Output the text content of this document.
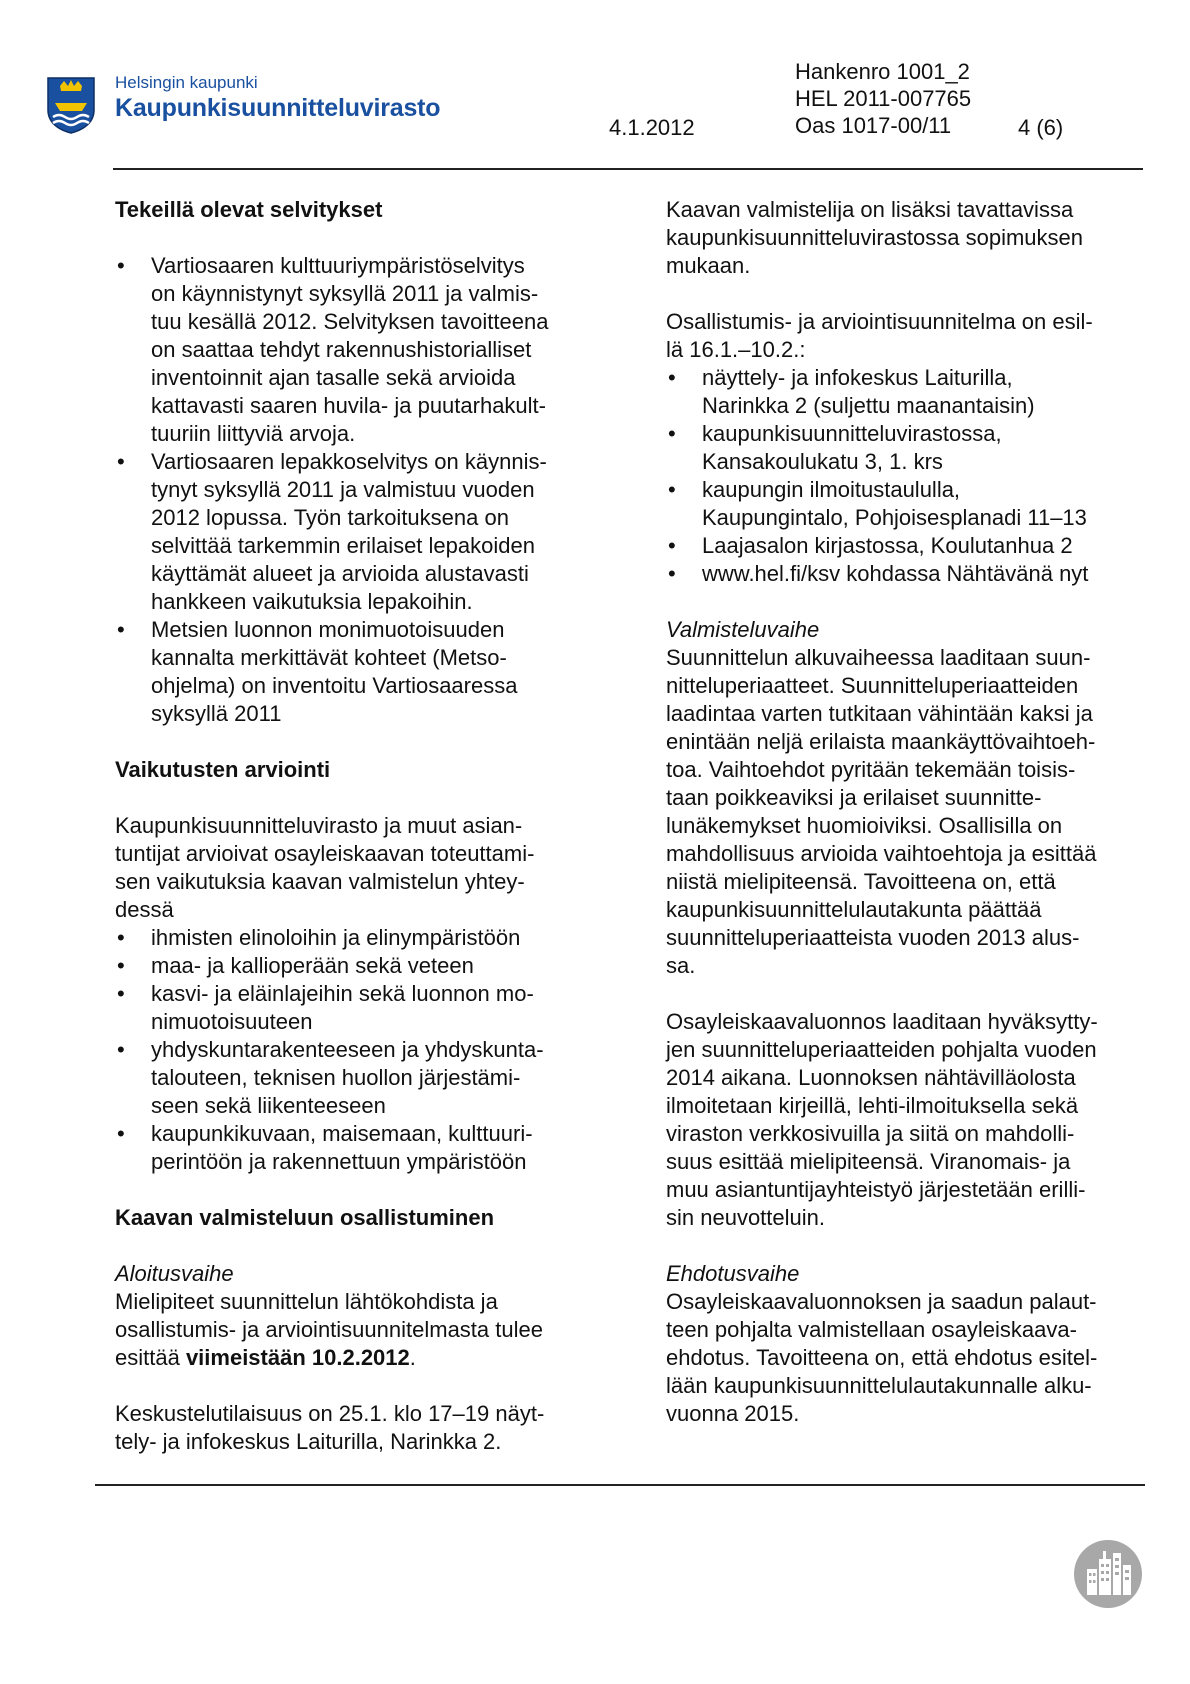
Helsingin kaupunki
Kaupunkisuunnitteluvirasto
4.1.2012
Hankenro 1001_2
HEL 2011-007765
Oas 1017-00/11	4 (6)
Tekeillä olevat selvitykset
• Vartiosaaren kulttuuriympäristöselvitys
on käynnistynyt syksyllä 2011 ja valmis-
tuu kesällä 2012. Selvityksen tavoitteena
on saattaa tehdyt rakennushistorialliset
inventoinnit ajan tasalle sekä arvioida
kattavasti saaren huvila- ja puutarhakult-
tuuriin liittyviä arvoja.
• Vartiosaaren lepakkoselvitys on käynnis-
tynyt syksyllä 2011 ja valmistuu vuoden
2012 lopussa. Työn tarkoituksena on
selvittää tarkemmin erilaiset lepakoiden
käyttämät alueet ja arvioida alustavasti
hankkeen vaikutuksia lepakoihin.
• Metsien luonnon monimuotoisuuden
kannalta merkittävät kohteet (Metso-
ohjelma) on inventoitu Vartiosaaressa
syksyllä 2011
Vaikutusten arviointi

Kaupunkisuunnitteluvirasto ja muut asian-
tuntijat arvioivat osayleiskaavan toteuttami-
sen vaikutuksia kaavan valmistelun yhtey-
dessä

• ihmisten elinoloihin ja elinympäristöön
• maa- ja kallioperään sekä veteen
• kasvi- ja eläinlajeihin sekä luonnon mo-
nimuotoisuuteen
• yhdyskuntarakenteeseen ja yhdyskunta-
talouteen, teknisen huollon järjestämi-
seen sekä liikenteeseen
• kaupunkikuvaan, maisemaan, kulttuuri-
perintöön ja rakennettuun ympäristöön
Kaavan valmisteluun osallistuminen

Aloitusvaihe

Mielipiteet suunnittelun lähtökohdista ja
osallistumis- ja arviointisuunnitelmasta tulee
esittää viimeistään 10.2.2012.

Keskustelutilaisuus on 25.1. klo 17–19 näyt-
tely- ja infokeskus Laiturilla, Narinkka 2.

Kaavan valmistelija on lisäksi tavattavissa
kaupunkisuunnitteluvirastossa sopimuksen
mukaan.

Osallistumis- ja arviointisuunnitelma on esil-
lä 16.1.–10.2.:

• näyttely- ja infokeskus Laiturilla,
Narinkka 2 (suljettu maanantaisin)
• kaupunkisuunnitteluvirastossa,
Kansakoulukatu 3, 1. krs
• kaupungin ilmoitustaululla,
Kaupungintalo, Pohjoisesplanadi 11–13
• Laajasalon kirjastossa, Koulutanhua 2
• www.hel.fi/ksv kohdassa Nähtävänä nyt

Valmisteluvaihe

Suunnittelun alkuvaiheessa laaditaan suun-
nitteluperiaatteet. Suunnitteluperiaatteiden
laadintaa varten tutkitaan vähintään kaksi ja
enintään neljä erilaista maankäyttövaihtoeh-
toa. Vaihtoehdot pyritään tekemään toisis-
taan poikkeaviksi ja erilaiset suunnitte-
lunäkemykset huomioiviksi. Osallisilla on
mahdollisuus arvioida vaihtoehtoja ja esittää
niistä mielipiteensä. Tavoitteena on, että
kaupunkisuunnittelulautakunta päättää
suunnitteluperiaatteista vuoden 2013 alus-
sa.

Osayleiskaavaluonnos laaditaan hyväksytty-
jen suunnitteluperiaatteiden pohjalta vuoden
2014 aikana. Luonnoksen nähtävilläolosta
ilmoitetaan kirjeillä, lehti-ilmoituksella sekä
viraston verkkosivuilla ja siitä on mahdolli-
suus esittää mielipiteensä. Viranomais- ja
muu asiantuntijayhteistyö järjestetään erilli-
sin neuvotteluin.

Ehdotusvaihe

Osayleiskaavaluonnoksen ja saadun palaut-
teen pohjalta valmistellaan osayleiskaava-
ehdotus. Tavoitteena on, että ehdotus esitel-
lään kaupunkisuunnittelulautakunnalle alku-
vuonna 2015.
